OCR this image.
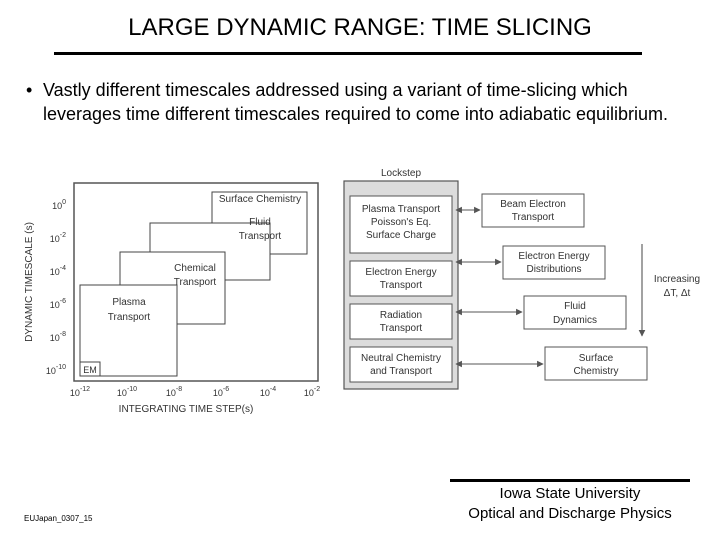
LARGE DYNAMIC RANGE: TIME SLICING
• Vastly different timescales addressed using a variant of time-slicing which leverages time different timescales required to come into adiabatic equilibrium.
Surface Chemistry
Fluid
Transport
Chemical
Transport
Plasma
Transport
EM
$10^0$
$10^{-2}$
$10^{-4}$
$10^{-6}$
$10^{-8}$
$10^{-10}$
$10^{-12}$	$10^{-10}$	$10^{-8}$	$10^{-6}$	$10^{-4}$	$10^{-2}$
INTEGRATING TIME STEP(s)
DYNAMIC TIMESCALE (s)
Lockstep
Plasma Transport
Poisson's Eq.
Surface Charge
Electron Energy
Transport
Radiation
Transport
Neutral Chemistry
and Transport
Beam Electron
Transport
Electron Energy
Distributions
Fluid
Dynamics
Surface
Chemistry
Increasing
ΔT, Δt
EUJapan_0307_15
Iowa State University
Optical and Discharge Physics
